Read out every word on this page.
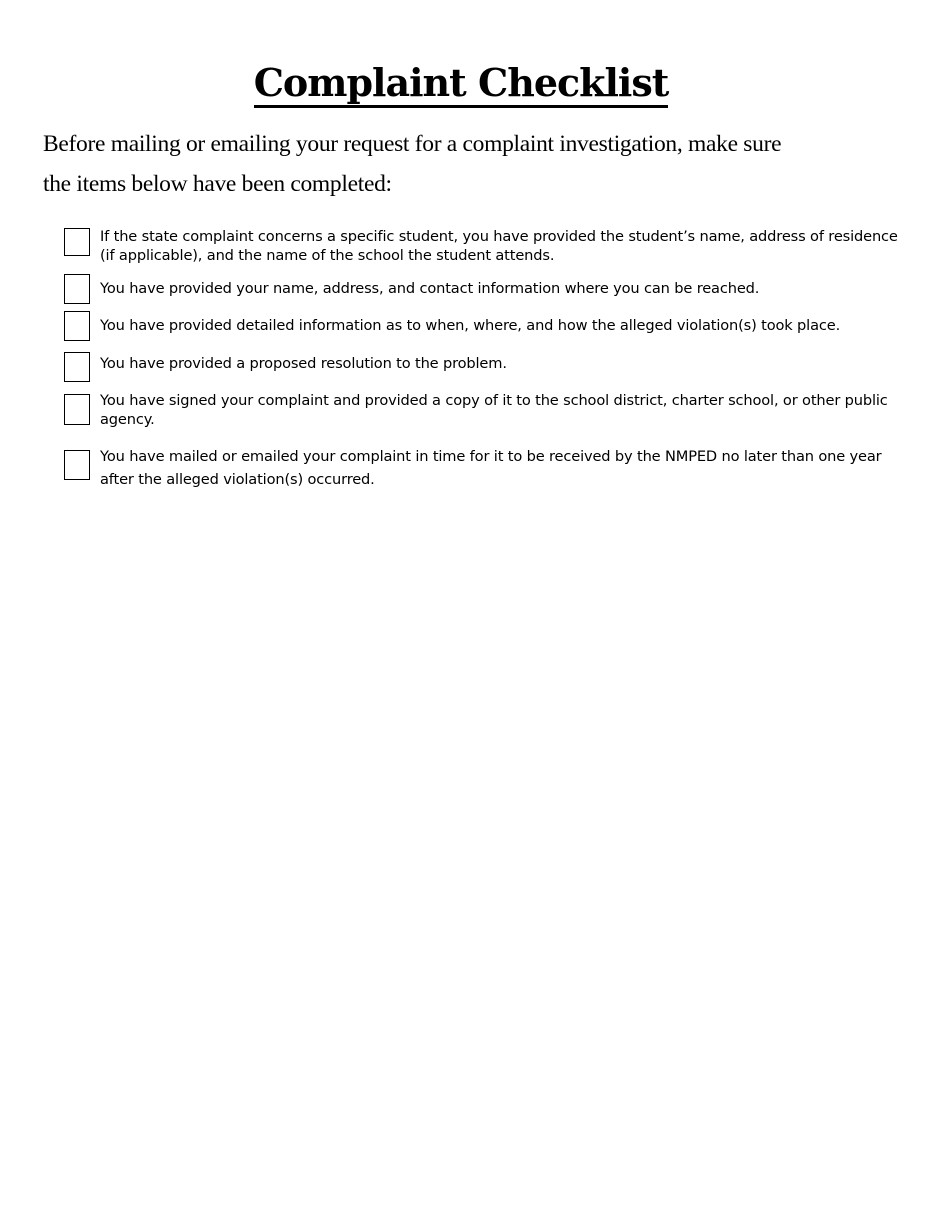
Complaint Checklist

Before mailing or emailing your request for a complaint investigation, make sure
the items below have been completed:

If the state complaint concerns a specific student, you have provided the student’s name, address of residence (if applicable), and the name of the school the student attends.
You have provided your name, address, and contact information where you can be reached.
You have provided detailed information as to when, where, and how the alleged violation(s) took place.
You have provided a proposed resolution to the problem.
You have signed your complaint and provided a copy of it to the school district, charter school, or other public agency.
You have mailed or emailed your complaint in time for it to be received by the NMPED no later than one year after the alleged violation(s) occurred.
